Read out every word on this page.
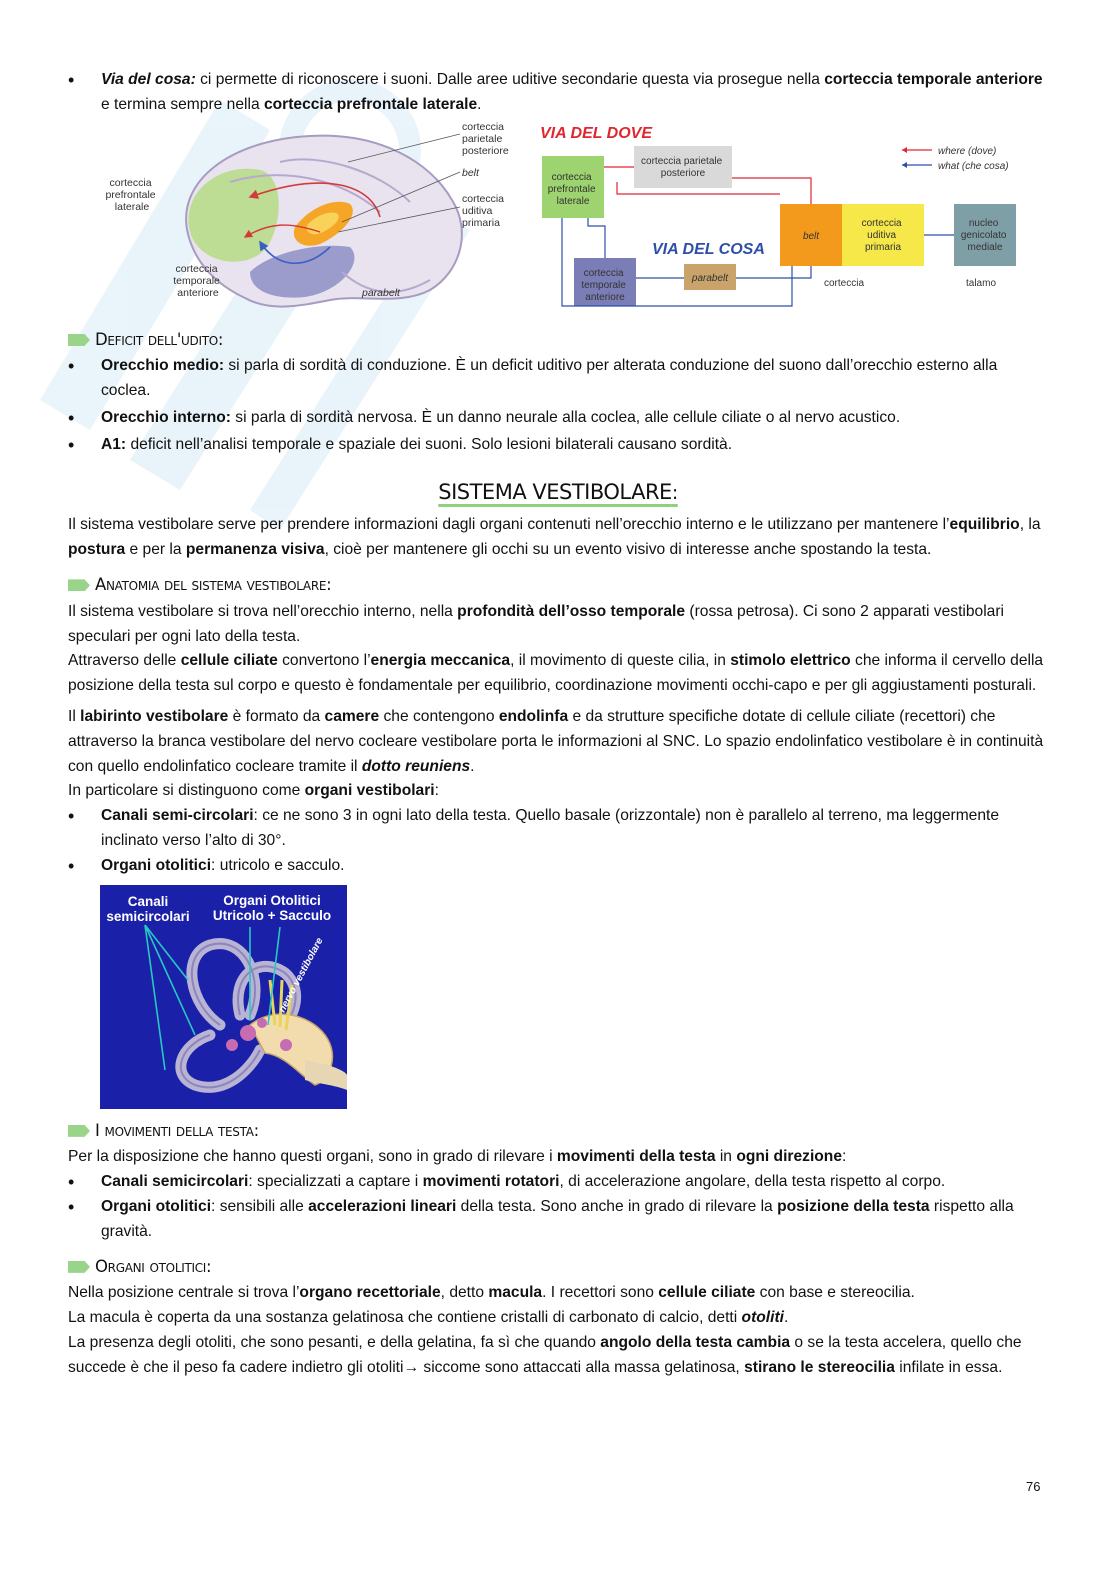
• Via del cosa: ci permette di riconoscere i suoni. Dalle aree uditive secondarie questa via prosegue nella corteccia temporale anteriore e termina sempre nella corteccia prefrontale laterale.
corteccia prefrontale laterale
corteccia parietale posteriore
belt
corteccia uditiva primaria
corteccia temporale anteriore	parabelt
VIA DEL DOVE
VIA DEL COSA
where (dove)
what (che cosa)
corteccia prefrontale laterale
corteccia parietale posteriore
corteccia temporale anteriore
parabelt
belt
corteccia uditiva primaria
nucleo genicolato mediale
corteccia	talamo
Deficit dell'udito :
• Orecchio medio: si parla di sordità di conduzione. È un deficit uditivo per alterata conduzione del suono dall’orecchio esterno alla coclea.
• Orecchio interno: si parla di sordità nervosa. È un danno neurale alla coclea, alle cellule ciliate o al nervo acustico.
• A1: deficit nell’analisi temporale e spaziale dei suoni. Solo lesioni bilaterali causano sordità.
SISTEMA VESTIBOLARE:

Il sistema vestibolare serve per prendere informazioni dagli organi contenuti nell’orecchio interno e le utilizzano per mantenere l’equilibrio, la postura e per la permanenza visiva, cioè per mantenere gli occhi su un evento visivo di interesse anche spostando la testa.

Anatomia del sistema vestibolare :

Il sistema vestibolare si trova nell’orecchio interno, nella profondità dell’osso temporale (rossa petrosa). Ci sono 2 apparati vestibolari speculari per ogni lato della testa.

Attraverso delle cellule ciliate convertono l’energia meccanica, il movimento di queste cilia, in stimolo elettrico che informa il cervello della posizione della testa sul corpo e questo è fondamentale per equilibrio, coordinazione movimenti occhi-capo e per gli aggiustamenti posturali.

Il labirinto vestibolare è formato da camere che contengono endolinfa e da strutture specifiche dotate di cellule ciliate (recettori) che attraverso la branca vestibolare del nervo cocleare vestibolare porta le informazioni al SNC. Lo spazio endolinfatico vestibolare è in continuità con quello endolinfatico cocleare tramite il dotto reuniens.

In particolare si distinguono come organi vestibolari:

• Canali semi-circolari: ce ne sono 3 in ogni lato della testa. Quello basale (orizzontale) non è parallelo al terreno, ma leggermente inclinato verso l’alto di 30°.
• Organi otolitici: utricolo e sacculo.
Canali semicircolari
Organi Otolitici Utricolo + Sacculo
nervo vestibolare
I movimenti della testa :

Per la disposizione che hanno questi organi, sono in grado di rilevare i movimenti della testa in ogni direzione:

• Canali semicircolari: specializzati a captare i movimenti rotatori, di accelerazione angolare, della testa rispetto al corpo.
• Organi otolitici: sensibili alle accelerazioni lineari della testa. Sono anche in grado di rilevare la posizione della testa rispetto alla gravità.
Organi otolitici :

Nella posizione centrale si trova l’organo recettoriale, detto macula. I recettori sono cellule ciliate con base e stereocilia.

La macula è coperta da una sostanza gelatinosa che contiene cristalli di carbonato di calcio, detti otoliti.

La presenza degli otoliti, che sono pesanti, e della gelatina, fa sì che quando angolo della testa cambia o se la testa accelera, quello che succede è che il peso fa cadere indietro gli otoliti→ siccome sono attaccati alla massa gelatinosa, stirano le stereocilia infilate in essa.

76
